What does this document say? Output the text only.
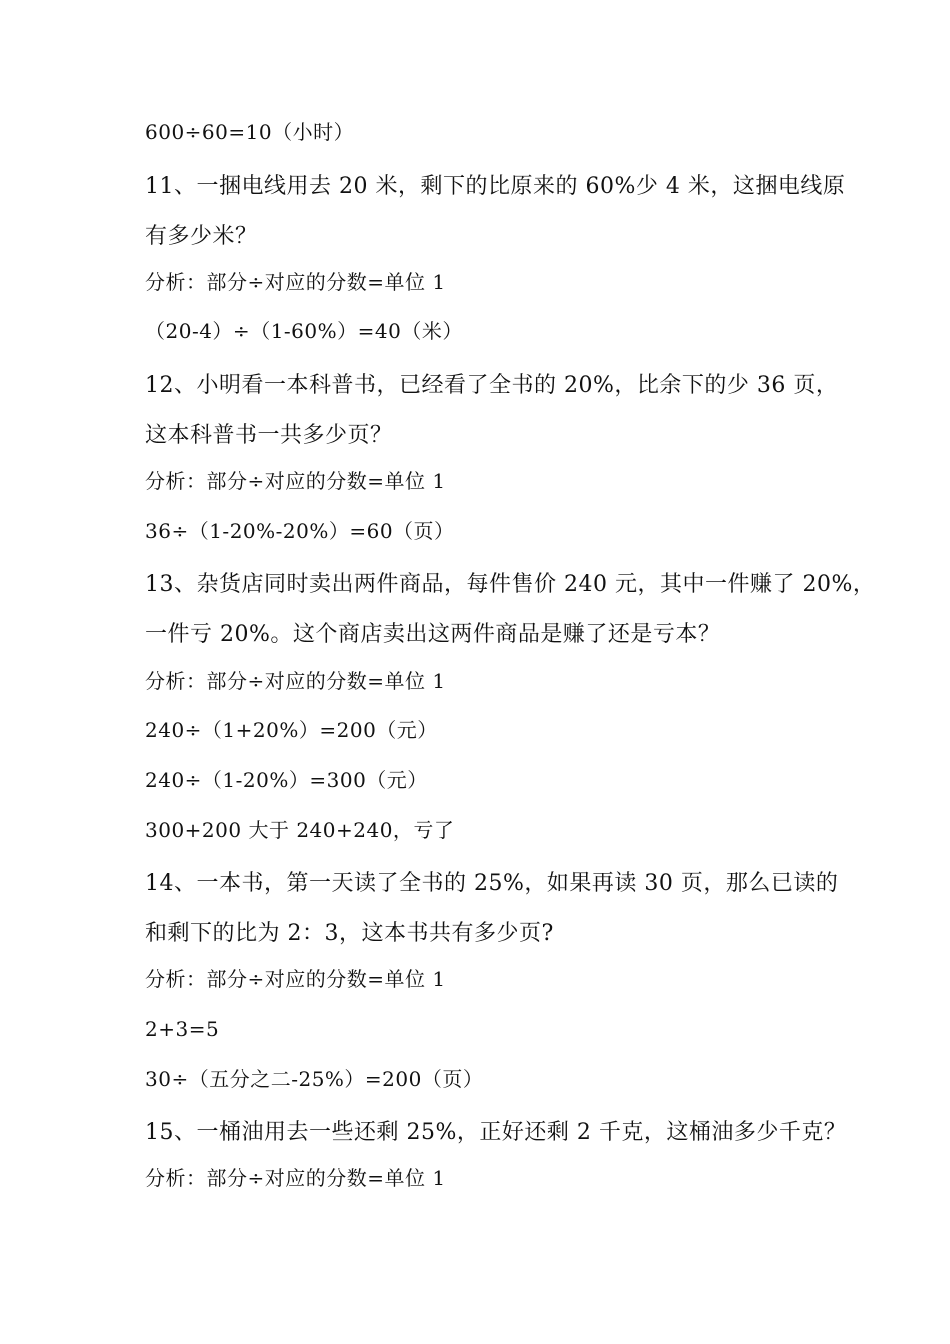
600÷60=10（小时）
11、一捆电线用去 20 米，剩下的比原来的 60%少 4 米，这捆电线原
有多少米？
分析：部分÷对应的分数=单位 1
（20-4）÷（1-60%）=40（米）
12、小明看一本科普书，已经看了全书的 20%，比余下的少 36 页，
这本科普书一共多少页？
分析：部分÷对应的分数=单位 1
36÷（1-20%-20%）=60（页）
13、杂货店同时卖出两件商品，每件售价 240 元，其中一件赚了 20%，
一件亏 20%。这个商店卖出这两件商品是赚了还是亏本？
分析：部分÷对应的分数=单位 1
240÷（1+20%）=200（元）
240÷（1-20%）=300（元）
300+200 大于 240+240，亏了
14、一本书，第一天读了全书的 25%，如果再读 30 页，那么已读的
和剩下的比为 2：3，这本书共有多少页?
分析：部分÷对应的分数=单位 1
2+3=5
30÷（五分之二-25%）=200（页）
15、一桶油用去一些还剩 25%，正好还剩 2 千克，这桶油多少千克？
分析：部分÷对应的分数=单位 1
